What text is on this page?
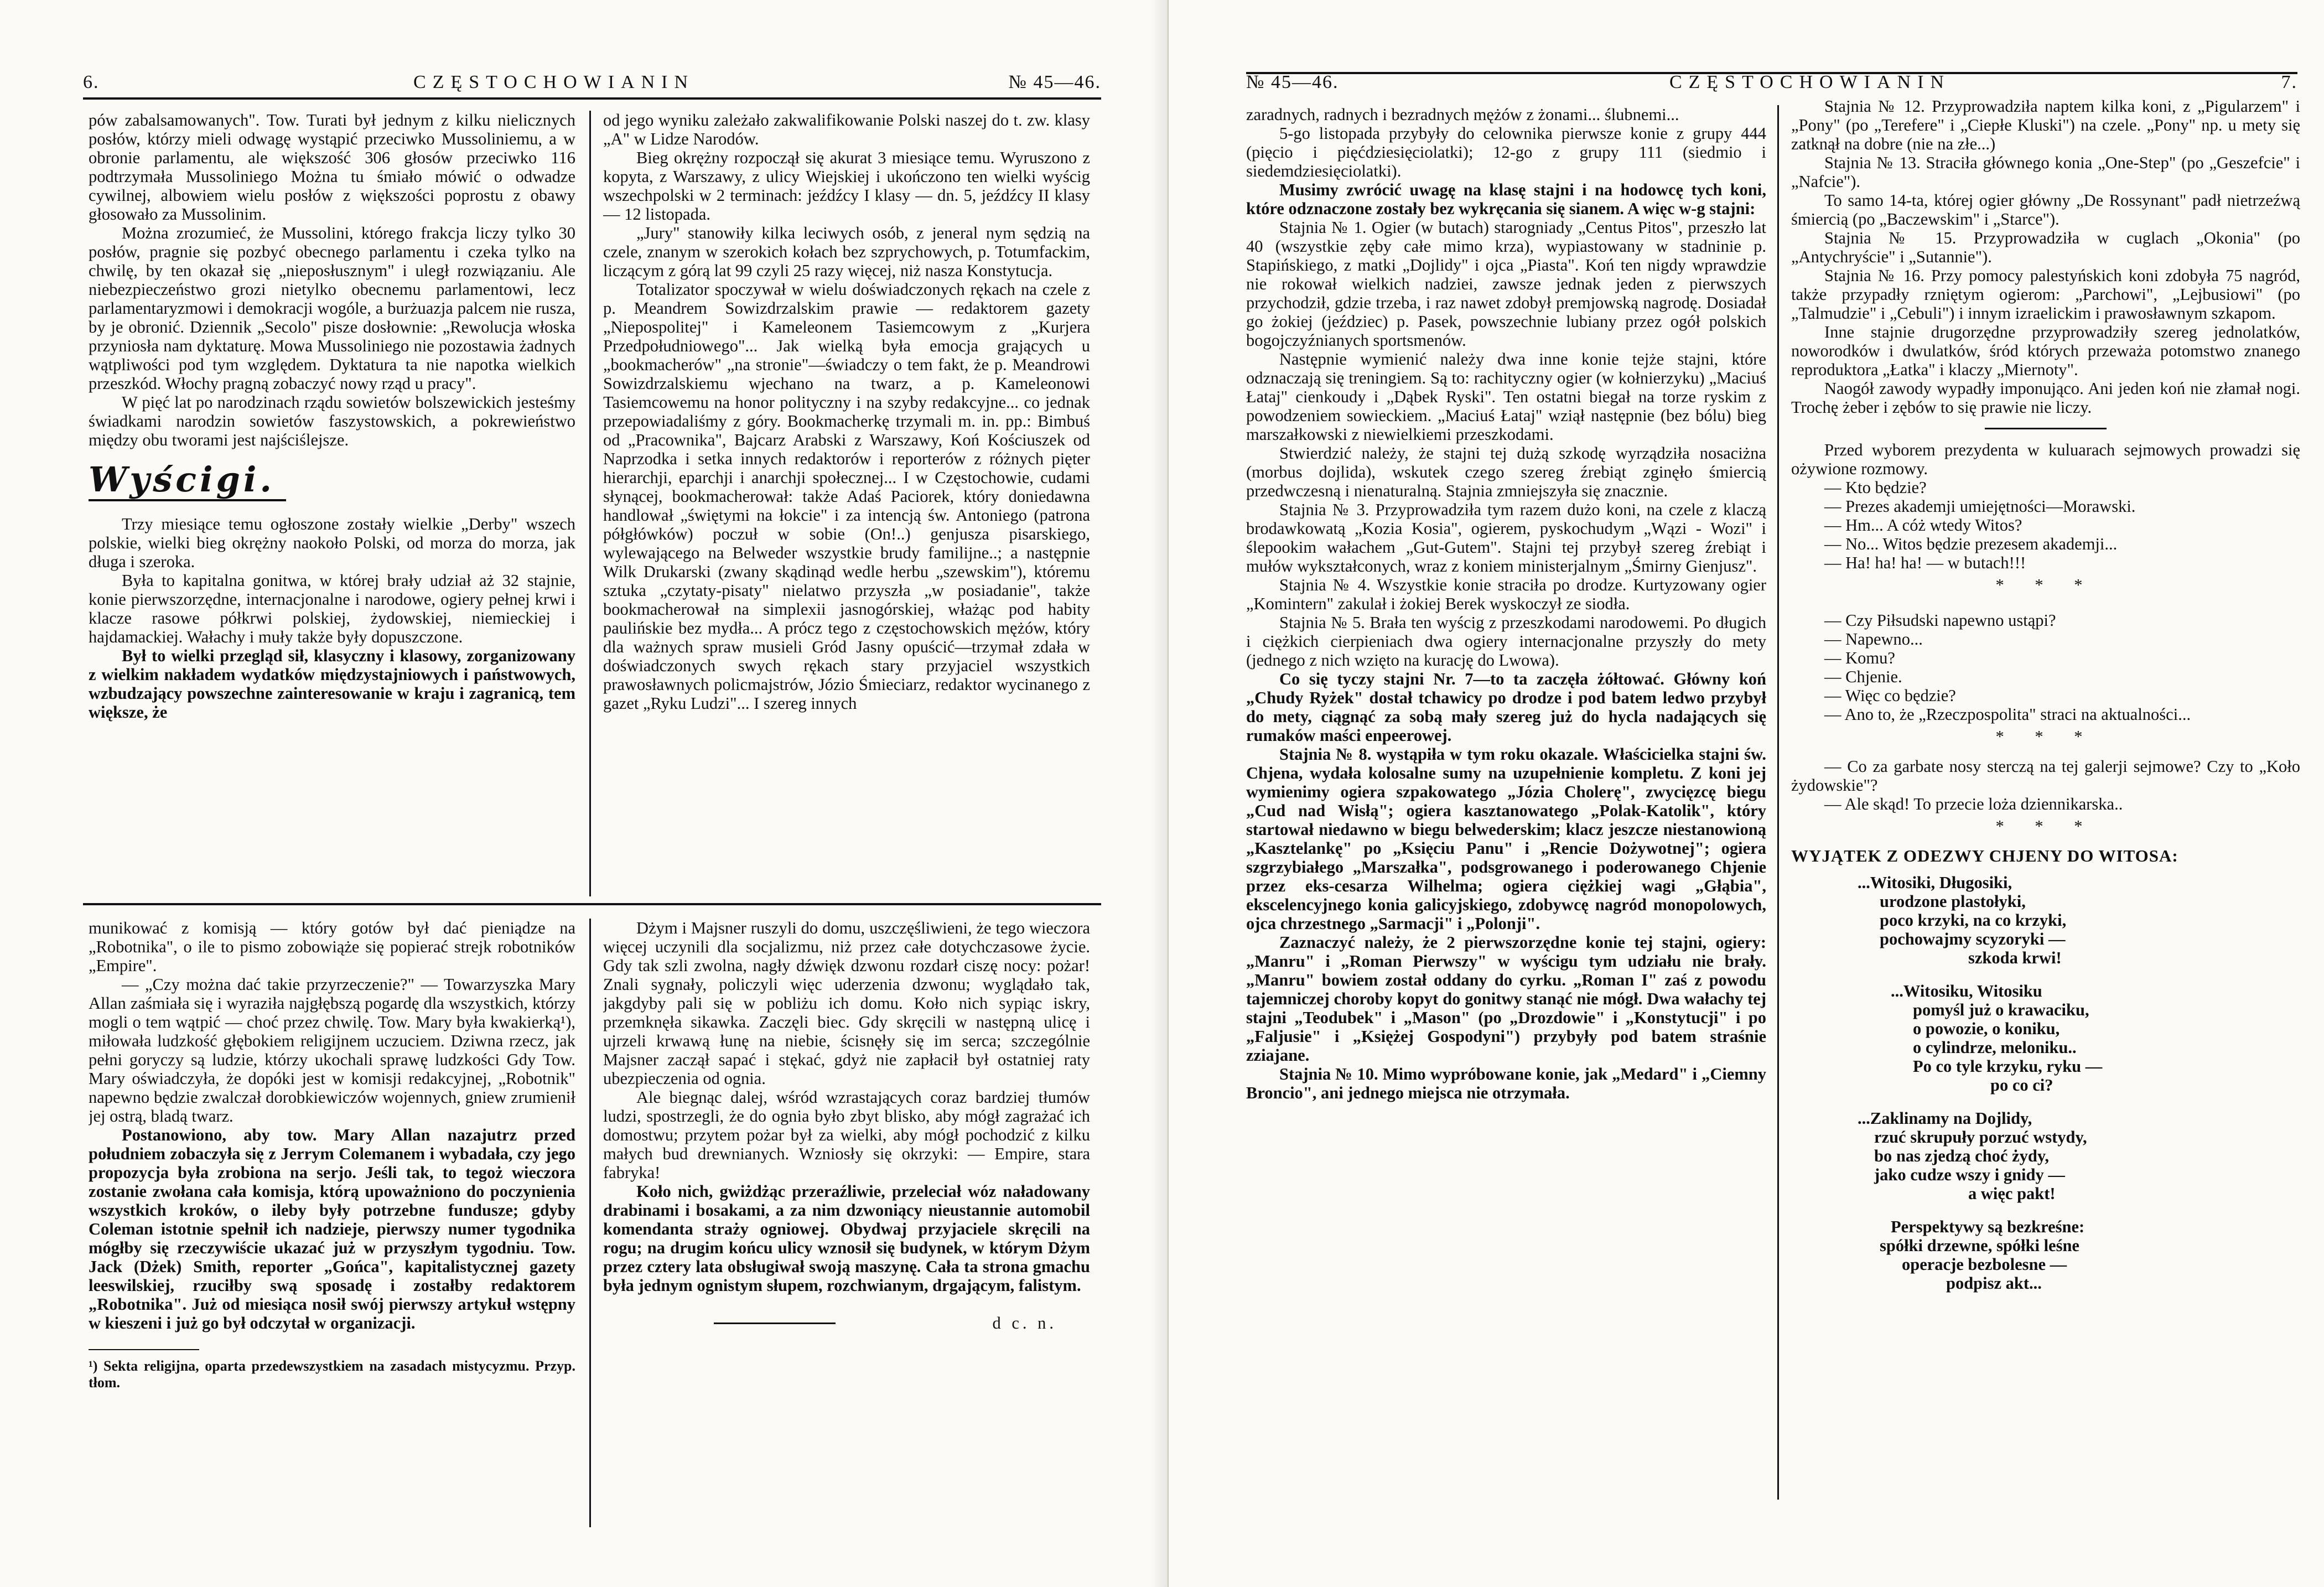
6.	CZĘSTOCHOWIANIN	№ 45—46.

pów zabalsamowanych". Tow. Turati był jednym z kilku nielicznych posłów, którzy mieli odwagę wystąpić przeciwko Mussoliniemu, a w obronie parlamentu, ale większość 306 głosów przeciwko 116 podtrzymała Mussoliniego Można tu śmiało mówić o odwadze cywilnej, albowiem wielu posłów z większości poprostu z obawy głosowało za Mussolinim.

Można zrozumieć, że Mussolini, którego frakcja liczy tylko 30 posłów, pragnie się pozbyć obecnego parlamentu i czeka tylko na chwilę, by ten okazał się „nieposłusznym" i uległ rozwiązaniu. Ale niebezpieczeństwo grozi nietylko obecnemu parlamentowi, lecz parlamentaryzmowi i demokracji wogóle, a burżuazja palcem nie rusza, by je obronić. Dziennik „Secolo" pisze dosłownie: „Rewolucja włoska przyniosła nam dyktaturę. Mowa Mussoliniego nie pozostawia żadnych wątpliwości pod tym względem. Dyktatura ta nie napotka wielkich przeszkód. Włochy pragną zobaczyć nowy rząd u pracy".

W pięć lat po narodzinach rządu sowietów bolszewickich jesteśmy świadkami narodzin sowietów faszystowskich, a pokrewieństwo między obu tworami jest najściślejsze.

Wyścigi.

Trzy miesiące temu ogłoszone zostały wielkie „Derby" wszech polskie, wielki bieg okrężny naokoło Polski, od morza do morza, jak długa i szeroka.

Była to kapitalna gonitwa, w której brały udział aż 32 stajnie, konie pierwszorzędne, internacjonalne i narodowe, ogiery pełnej krwi i klacze rasowe półkrwi polskiej, żydowskiej, niemieckiej i hajdamackiej. Wałachy i muły także były dopuszczone.

Był to wielki przegląd sił, klasyczny i klasowy, zorganizowany z wielkim nakładem wydatków międzystajniowych i państwowych, wzbudzający powszechne zainteresowanie w kraju i zagranicą, tem większe, że

od jego wyniku zależało zakwalifikowanie Polski naszej do t. zw. klasy „A" w Lidze Narodów.

Bieg okrężny rozpoczął się akurat 3 miesiące temu. Wyruszono z kopyta, z Warszawy, z ulicy Wiejskiej i ukończono ten wielki wyścig wszechpolski w 2 terminach: jeźdźcy I klasy — dn. 5, jeźdźcy II klasy — 12 listopada.

„Jury" stanowiły kilka leciwych osób, z jeneral nym sędzią na czele, znanym w szerokich kołach bez szprychowych, p. Totumfackim, liczącym z górą lat 99 czyli 25 razy więcej, niż nasza Konstytucja.

Totalizator spoczywał w wielu doświadczonych rękach na czele z p. Meandrem Sowizdrzalskim prawie — redaktorem gazety „Niepospolitej" i Kameleonem Tasiemcowym z „Kurjera Przedpołudniowego"... Jak wielką była emocja grających u „bookmacherów" „na stronie"—świadczy o tem fakt, że p. Meandrowi Sowizdrzalskiemu wjechano na twarz, a p. Kameleonowi Tasiemcowemu na honor polityczny i na szyby redakcyjne... co jednak przepowiadaliśmy z góry. Bookmacherkę trzymali m. in. pp.: Bimbuś od „Pracownika", Bajcarz Arabski z Warszawy, Koń Kościuszek od Naprzodka i setka innych redaktorów i reporterów z różnych pięter hierarchji, eparchji i anarchji społecznej... I w Częstochowie, cudami słynącej, bookmacherował: także Adaś Paciorek, który doniedawna handlował „świętymi na łokcie" i za intencją św. Antoniego (patrona półgłówków) poczuł w sobie (On!..) genjusza pisarskiego, wylewającego na Belweder wszystkie brudy familijne..; a następnie Wilk Drukarski (zwany skądinąd wedle herbu „szewskim"), któremu sztuka „czytaty-pisaty" nielatwo przyszła „w posiadanie", także bookmacherował na simplexii jasnogórskiej, włażąc pod habity paulińskie bez mydła... A prócz tego z częstochowskich mężów, który dla ważnych spraw musieli Gród Jasny opuścić—trzymał zdała w doświadczonych swych rękach stary przyjaciel wszystkich prawosławnych policmajstrów, Józio Śmieciarz, redaktor wycinanego z gazet „Ryku Ludzi"... I szereg innych

munikować z komisją — który gotów był dać pieniądze na „Robotnika", o ile to pismo zobowiąże się popierać strejk robotników „Empire".

— „Czy można dać takie przyrzeczenie?" — Towarzyszka Mary Allan zaśmiała się i wyraziła najgłębszą pogardę dla wszystkich, którzy mogli o tem wątpić — choć przez chwilę. Tow. Mary była kwakierką¹), miłowała ludzkość głębokiem religijnem uczuciem. Dziwna rzecz, jak pełni goryczy są ludzie, którzy ukochali sprawę ludzkości Gdy Tow. Mary oświadczyła, że dopóki jest w komisji redakcyjnej, „Robotnik" napewno będzie zwalczał dorobkiewiczów wojennych, gniew zrumienił jej ostrą, bladą twarz.

Postanowiono, aby tow. Mary Allan nazajutrz przed południem zobaczyła się z Jerrym Colemanem i wybadała, czy jego propozycja była zrobiona na serjo. Jeśli tak, to tegoż wieczora zostanie zwołana cała komisja, którą upoważniono do poczynienia wszystkich kroków, o ileby były potrzebne fundusze; gdyby Coleman istotnie spełnił ich nadzieje, pierwszy numer tygodnika mógłby się rzeczywiście ukazać już w przyszłym tygodniu. Tow. Jack (Dżek) Smith, reporter „Gońca", kapitalistycznej gazety leeswilskiej, rzuciłby swą sposadę i zostałby redaktorem „Robotnika". Już od miesiąca nosił swój pierwszy artykuł wstępny w kieszeni i już go był odczytał w organizacji.

¹) Sekta religijna, oparta przedewszystkiem na zasadach mistycyzmu. Przyp. tłom.

Dżym i Majsner ruszyli do domu, uszczęśliwieni, że tego wieczora więcej uczynili dla socjalizmu, niż przez całe dotychczasowe życie. Gdy tak szli zwolna, nagły dźwięk dzwonu rozdarł ciszę nocy: pożar! Znali sygnały, policzyli więc uderzenia dzwonu; wyglądało tak, jakgdyby pali się w pobliżu ich domu. Koło nich sypiąc iskry, przemknęła sikawka. Zaczęli biec. Gdy skręcili w następną ulicę i ujrzeli krwawą łunę na niebie, ścisnęły się im serca; szczególnie Majsner zaczął sapać i stękać, gdyż nie zapłacił był ostatniej raty ubezpieczenia od ognia.

Ale biegnąc dalej, wśród wzrastających coraz bardziej tłumów ludzi, spostrzegli, że do ognia było zbyt blisko, aby mógł zagrażać ich domostwu; przytem pożar był za wielki, aby mógł pochodzić z kilku małych bud drewnianych. Wzniosły się okrzyki: — Empire, stara fabryka!

Koło nich, gwiżdżąc przeraźliwie, przeleciał wóz naładowany drabinami i bosakami, a za nim dzwoniący nieustannie automobil komendanta straży ogniowej. Obydwaj przyjaciele skręcili na rogu; na drugim końcu ulicy wznosił się budynek, w którym Dżym przez cztery lata obsługiwał swoją maszynę. Cała ta strona gmachu była jednym ognistym słupem, rozchwianym, drgającym, falistym.

d c. n.
№ 45—46.	CZĘSTOCHOWIANIN	7.

zaradnych, radnych i bezradnych mężów z żonami... ślubnemi...

5-go listopada przybyły do celownika pierwsze konie z grupy 444 (pięcio i pięćdziesięciolatki); 12-go z grupy 111 (siedmio i siedemdziesięciolatki).

Musimy zwrócić uwagę na klasę stajni i na hodowcę tych koni, które odznaczone zostały bez wykręcania się sianem. A więc w-g stajni:

Stajnia № 1. Ogier (w butach) starogniady „Centus Pitos", przeszło lat 40 (wszystkie zęby całe mimo krza), wypiastowany w stadninie p. Stapińskiego, z matki „Dojlidy" i ojca „Piasta". Koń ten nigdy wprawdzie nie rokował wielkich nadziei, zawsze jednak jeden z pierwszych przychodził, gdzie trzeba, i raz nawet zdobył premjowską nagrodę. Dosiadał go żokiej (jeździec) p. Pasek, powszechnie lubiany przez ogół polskich bogojczyźnianych sportsmenów.

Następnie wymienić należy dwa inne konie tejże stajni, które odznaczają się treningiem. Są to: rachityczny ogier (w kołnierzyku) „Maciuś Łataj" cienkoudy i „Dąbek Ryski". Ten ostatni biegał na torze ryskim z powodzeniem sowieckiem. „Maciuś Łataj" wziął następnie (bez bólu) bieg marszałkowski z niewielkiemi przeszkodami.

Stwierdzić należy, że stajni tej dużą szkodę wyrządziła nosaciżna (morbus dojlida), wskutek czego szereg źrebiąt zginęło śmiercią przedwczesną i nienaturalną. Stajnia zmniejszyła się znacznie.

Stajnia № 3. Przyprowadziła tym razem dużo koni, na czele z klaczą brodawkowatą „Kozia Kosia", ogierem, pyskochudym „Wązi - Wozi" i ślepookim wałachem „Gut-Gutem". Stajni tej przybył szereg źrebiąt i mułów wykształconych, wraz z koniem ministerjalnym „Śmirny Gienjusz".

Stajnia № 4. Wszystkie konie straciła po drodze. Kurtyzowany ogier „Komintern" zakulał i żokiej Berek wyskoczył ze siodła.

Stajnia № 5. Brała ten wyścig z przeszkodami narodowemi. Po długich i ciężkich cierpieniach dwa ogiery internacjonalne przyszły do mety (jednego z nich wzięto na kurację do Lwowa).

Co się tyczy stajni Nr. 7—to ta zaczęła żółtować. Główny koń „Chudy Ryżek" dostał tchawicy po drodze i pod batem ledwo przybył do mety, ciągnąć za sobą mały szereg już do hycla nadających się rumaków maści enpeerowej.

Stajnia № 8. wystąpiła w tym roku okazale. Właścicielka stajni św. Chjena, wydała kolosalne sumy na uzupełnienie kompletu. Z koni jej wymienimy ogiera szpakowatego „Józia Cholerę", zwycięzcę biegu „Cud nad Wisłą"; ogiera kasztanowatego „Polak-Katolik", który startował niedawno w biegu belwederskim; klacz jeszcze niestanowioną „Kasztelankę" po „Księciu Panu" i „Rencie Dożywotnej"; ogiera szgrzybiałego „Marszałka", podsgrowanego i poderowanego Chjenie przez eks-cesarza Wilhelma; ogiera ciężkiej wagi „Głąbia", ekscelencyjnego konia galicyjskiego, zdobywcę nagród monopolowych, ojca chrzestnego „Sarmacji" i „Polonji".

Zaznaczyć należy, że 2 pierwszorzędne konie tej stajni, ogiery: „Manru" i „Roman Pierwszy" w wyścigu tym udziału nie brały. „Manru" bowiem został oddany do cyrku. „Roman I" zaś z powodu tajemniczej choroby kopyt do gonitwy stanąć nie mógł. Dwa wałachy tej stajni „Teodubek" i „Mason" (po „Drozdowie" i „Konstytucji" i po „Faljusie" i „Księżej Gospodyni") przybyły pod batem straśnie zziajane.

Stajnia № 10. Mimo wypróbowane konie, jak „Medard" i „Ciemny Broncio", ani jednego miejsca nie otrzymała.

Stajnia № 12. Przyprowadziła naptem kilka koni, z „Pigularzem" i „Pony" (po „Terefere" i „Ciepłe Kluski") na czele. „Pony" np. u mety się zatknął na dobre (nie na złe...)

Stajnia № 13. Straciła głównego konia „One-Step" (po „Geszefcie" i „Nafcie").

To samo 14-ta, której ogier główny „De Rossynant" padł nietrzeźwą śmiercią (po „Baczewskim" i „Starce").

Stajnia № 15. Przyprowadziła w cuglach „Okonia" (po „Antychryście" i „Sutannie").

Stajnia № 16. Przy pomocy palestyńskich koni zdobyła 75 nagród, także przypadły rzniętym ogierom: „Parchowi", „Lejbusiowi" (po „Talmudzie" i „Cebuli") i innym izraelickim i prawosławnym szkapom.

Inne stajnie drugorzędne przyprowadziły szereg jednolatków, noworodków i dwulatków, śród których przeważa potomstwo znanego reproduktora „Łatka" i klaczy „Miernoty".

Naogół zawody wypadły imponująco. Ani jeden koń nie złamał nogi. Trochę żeber i zębów to się prawie nie liczy.

Przed wyborem prezydenta w kuluarach sejmowych prowadzi się ożywione rozmowy.

— Kto będzie?

— Prezes akademji umiejętności—Morawski.

— Hm... A cóż wtedy Witos?

— No... Witos będzie prezesem akademji...

— Ha! ha! ha! — w butach!!!

* * *

— Czy Piłsudski napewno ustąpi?

— Napewno...

— Komu?

— Chjenie.

— Więc co będzie?

— Ano to, że „Rzeczpospolita" straci na aktualności...

* * *

— Co za garbate nosy sterczą na tej galerji sejmowe? Czy to „Koło żydowskie"?

— Ale skąd! To przecie loża dziennikarska..

* * *

WYJĄTEK Z ODEZWY CHJENY DO WITOSA:

...Witosiki, Długosiki,

urodzone plastołyki,

poco krzyki, na co krzyki,

pochowajmy scyzoryki —

szkoda krwi!

...Witosiku, Witosiku

pomyśl już o krawaciku,

o powozie, o koniku,

o cylindrze, meloniku..

Po co tyle krzyku, ryku —

po co ci?

...Zaklinamy na Dojlidy,

rzuć skrupuły porzuć wstydy,

bo nas zjedzą choć żydy,

jako cudze wszy i gnidy —

a więc pakt!

Perspektywy są bezkreśne:

spółki drzewne, spółki leśne

operacje bezbolesne —

podpisz akt...
